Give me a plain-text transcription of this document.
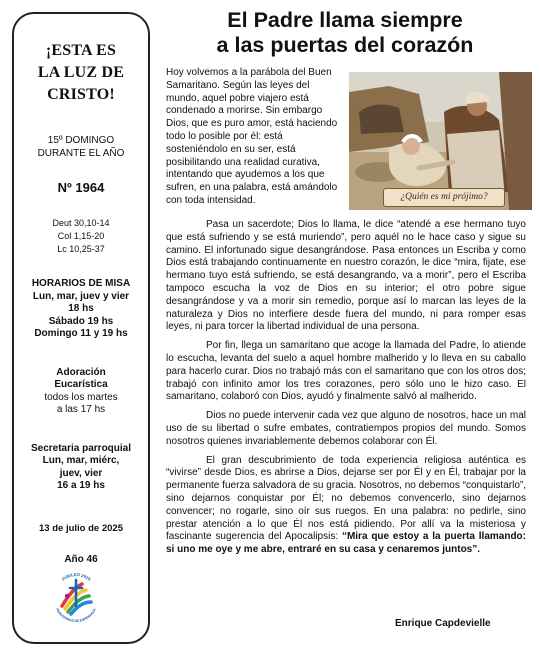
¡ESTA ES
LA LUZ DE
CRISTO!
15º DOMINGO
DURANTE EL AÑO
Nº 1964
Deut 30,10-14
Col 1,15-20
Lc 10,25-37
HORARIOS DE MISA
Lun, mar, juev y vier
18 hs
Sábado 19 hs
Domingo 11 y 19 hs
Adoración
Eucarística
todos los martes
a las 17 hs
Secretaria parroquial
Lun, mar, miérc,
juev, vier
16 a 19 hs
13 de julio de 2025
Año 46
JUBILEO 2025
PEREGRINOS DE ESPERANZA
El Padre llama siempre
a las puertas del corazón
Hoy volvemos a la parábola del Buen Samaritano. Según las leyes del mundo, aquel pobre viajero está condenado a morirse. Sin embargo Dios, que es puro amor, está haciendo todo lo posible por él: está sosteniéndolo en su ser, está posibilitando una realidad curativa, intentando que ayudemos a los que sufren, en una palabra, está amándolo con toda intensidad.	¿Quién es mi prójimo?

Pasa un sacerdote; Dios lo llama, le dice “atendé a ese hermano tuyo que está sufriendo y se está muriendo”, pero aquél no le hace caso y sigue su camino. El infortunado sigue desangrándose. Pasa entonces un Escriba y como Dios está trabajando continuamente en nuestro corazón, le dice “mira, fijate, ese hermano tuyo está sufriendo, se está desangrando, va a morir”, pero el Escriba tampoco escucha la voz de Dios en su interior; el otro pobre sigue desangrándose y va a morir sin remedio, porque así lo marcan las leyes de la naturaleza y Dios no interfiere desde fuera del mundo, ni para romper esas leyes, ni para torcer la libertad individual de una persona.

Por fin, llega un samaritano que acoge la llamada del Padre, lo atiende lo escucha, levanta del suelo a aquel hombre malherido y lo lleva en su caballo para hacerlo curar. Dios no trabajó más con el samaritano que con los otros dos; trabajó con infinito amor los tres corazones, pero sólo uno le hizo caso. El samaritano, colaboró con Dios, ayudó y finalmente salvó al malherido.

Dios no puede intervenir cada vez que alguno de nosotros, hace un mal uso de su libertad o sufre embates, contratiempos propios del mundo. Somos nosotros quienes invariablemente debemos colaborar con Él.

El gran descubrimiento de toda experiencia religiosa auténtica es “vivirse” desde Dios, es abrirse a Dios, dejarse ser por Él y en Él, trabajar por la permanente fuerza salvadora de su gracia. Nosotros, no debemos “conquistarlo”, sino dejarnos conquistar por Él; no debemos convencerlo, sino dejarnos convencer; no rogarle, sino oír sus ruegos. En una palabra: no pedirle, sino prestar atención a lo que Él nos está pidiendo. Por allí va la misteriosa y fascinante sugerencia del Apocalipsis: “Mira que estoy a la puerta llamando: si uno me oye y me abre, entraré en su casa y cenaremos juntos”.

Enrique Capdevielle
